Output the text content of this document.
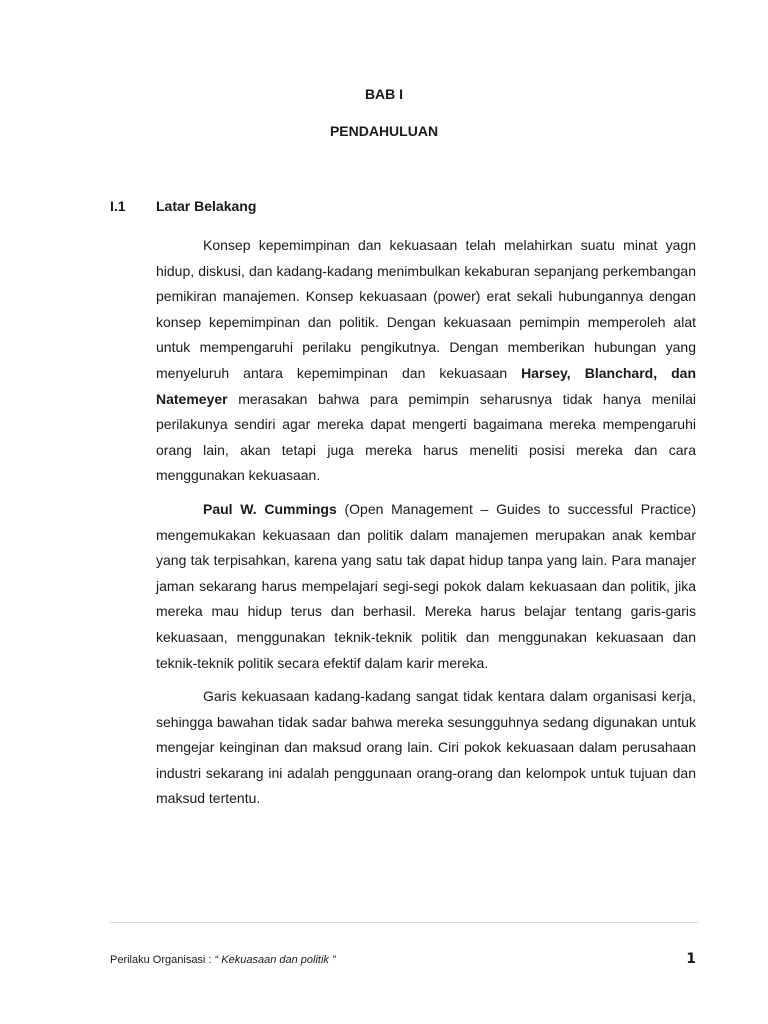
BAB I
PENDAHULUAN
I.1	Latar Belakang

Konsep kepemimpinan dan kekuasaan telah melahirkan suatu minat yagn hidup, diskusi, dan kadang-kadang menimbulkan kekaburan sepanjang perkembangan pemikiran manajemen. Konsep kekuasaan (power) erat sekali hubungannya dengan konsep kepemimpinan dan politik. Dengan kekuasaan pemimpin memperoleh alat untuk mempengaruhi perilaku pengikutnya. Dengan memberikan hubungan yang menyeluruh antara kepemimpinan dan kekuasaan Harsey, Blanchard, dan Natemeyer merasakan bahwa para pemimpin seharusnya tidak hanya menilai perilakunya sendiri agar mereka dapat mengerti bagaimana mereka mempengaruhi orang lain, akan tetapi juga mereka harus meneliti posisi mereka dan cara menggunakan kekuasaan.

Paul W. Cummings (Open Management – Guides to successful Practice) mengemukakan kekuasaan dan politik dalam manajemen merupakan anak kembar yang tak terpisahkan, karena yang satu tak dapat hidup tanpa yang lain. Para manajer jaman sekarang harus mempelajari segi-segi pokok dalam kekuasaan dan politik, jika mereka mau hidup terus dan berhasil. Mereka harus belajar tentang garis-garis kekuasaan, menggunakan teknik-teknik politik dan menggunakan kekuasaan dan teknik-teknik politik secara efektif dalam karir mereka.

Garis kekuasaan kadang-kadang sangat tidak kentara dalam organisasi kerja, sehingga bawahan tidak sadar bahwa mereka sesungguhnya sedang digunakan untuk mengejar keinginan dan maksud orang lain. Ciri pokok kekuasaan dalam perusahaan industri sekarang ini adalah penggunaan orang-orang dan kelompok untuk tujuan dan maksud tertentu.

Perilaku Organisasi : “ Kekuasaan dan politik ”	1
